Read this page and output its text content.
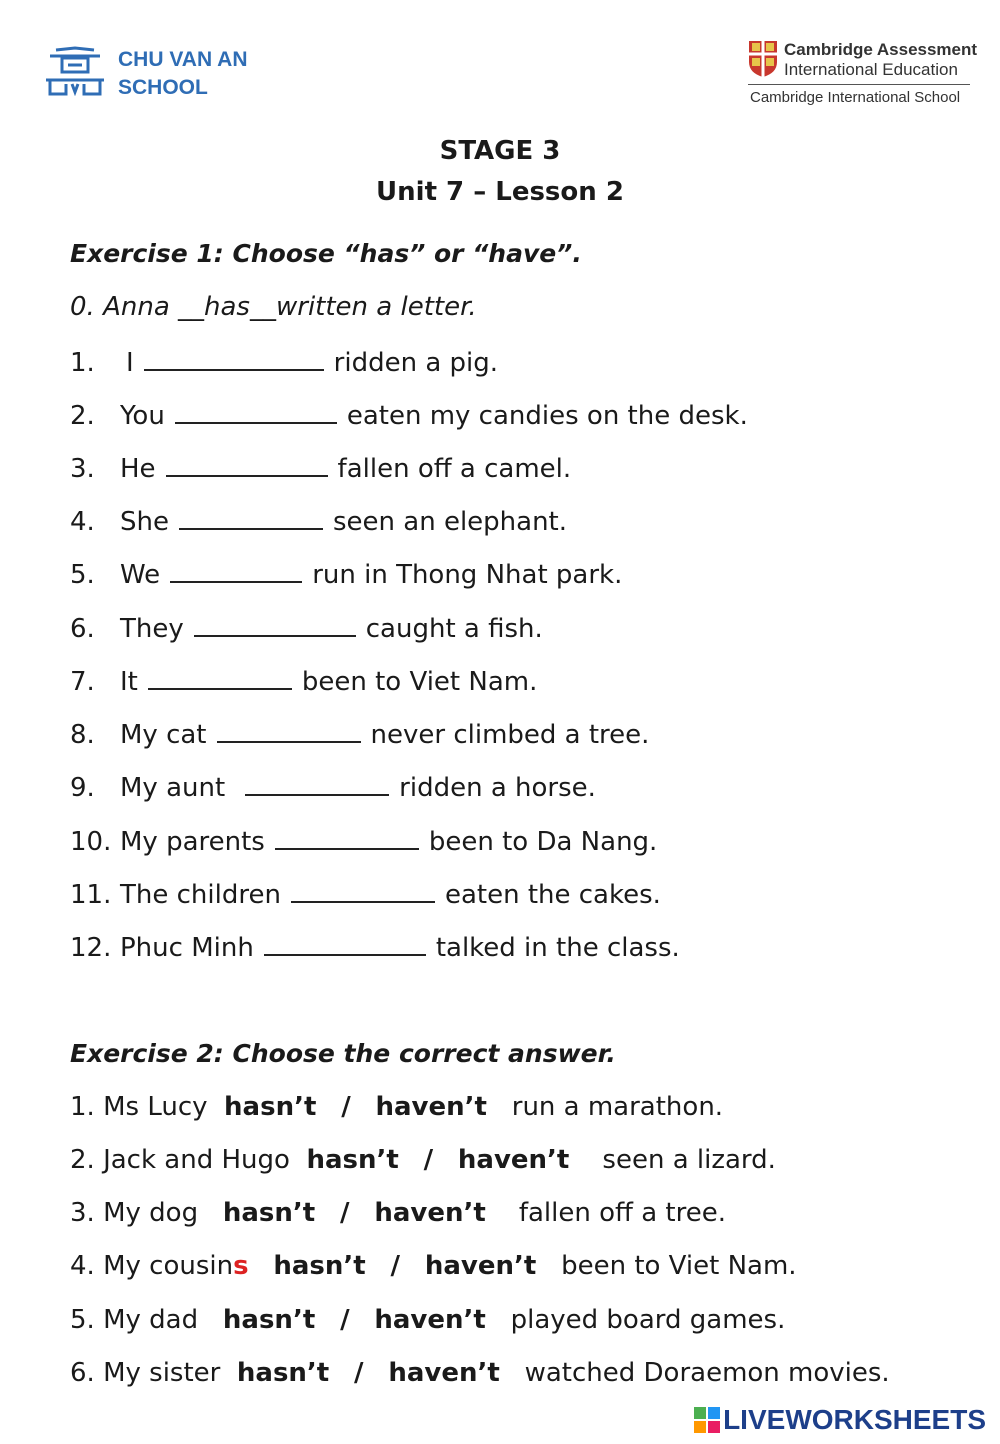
CHU VAN AN
SCHOOL
Cambridge Assessment
International Education
Cambridge International School
STAGE 3
Unit 7 – Lesson 2
Exercise 1: Choose “has” or “have”.
0. Anna __has__written a letter.
1. I	ridden a pig.
2. You	eaten my candies on the desk.
3. He	fallen off a camel.
4. She	seen an elephant.
5. We	run in Thong Nhat park.
6. They	caught a fish.
7. It	been to Viet Nam.
8. My cat	never climbed a tree.
9. My aunt	ridden a horse.
10. My parents	been to Da Nang.
11. The children	eaten the cakes.
12. Phuc Minh	talked in the class.
Exercise 2: Choose the correct answer.
1. Ms Lucy hasn’t / haven’t run a marathon.
2. Jack and Hugo hasn’t / haven’t seen a lizard.
3. My dog hasn’t / haven’t fallen off a tree.
4. My cousins hasn’t / haven’t been to Viet Nam.
5. My dad hasn’t / haven’t played board games.
6. My sister hasn’t / haven’t watched Doraemon movies.
LIVEWORKSHEETS
